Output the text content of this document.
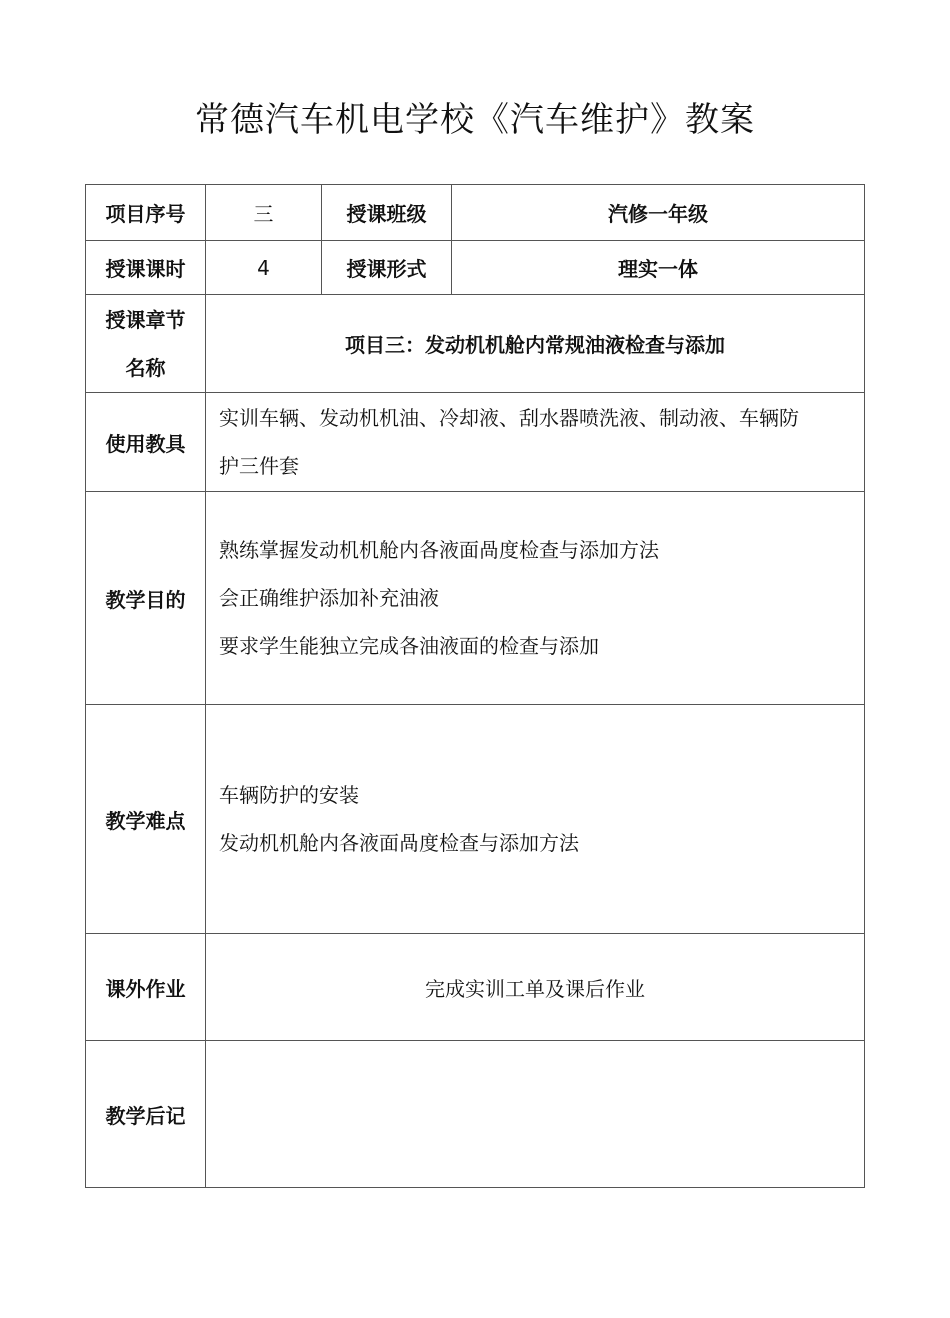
常德汽车机电学校《汽车维护》教案
项目序号	三	授课班级	汽修一年级
授课课时	4	授课形式	理实一体

授课章节
名称	项目三：发动机机舱内常规油液检查与添加		
使用教具	实训车辆、发动机机油、冷却液、刮水器喷洗液、制动液、车辆防
护三件套		

教学目的	熟练掌握发动机机舱内各液面咼度检查与添加方法
会正确维护添加补充油液
要求学生能独立完成各油液面的检查与添加		

教学难点	车辆防护的安装
发动机机舱内各液面咼度检查与添加方法		

课外作业	完成实训工单及课后作业		
教学后记			
